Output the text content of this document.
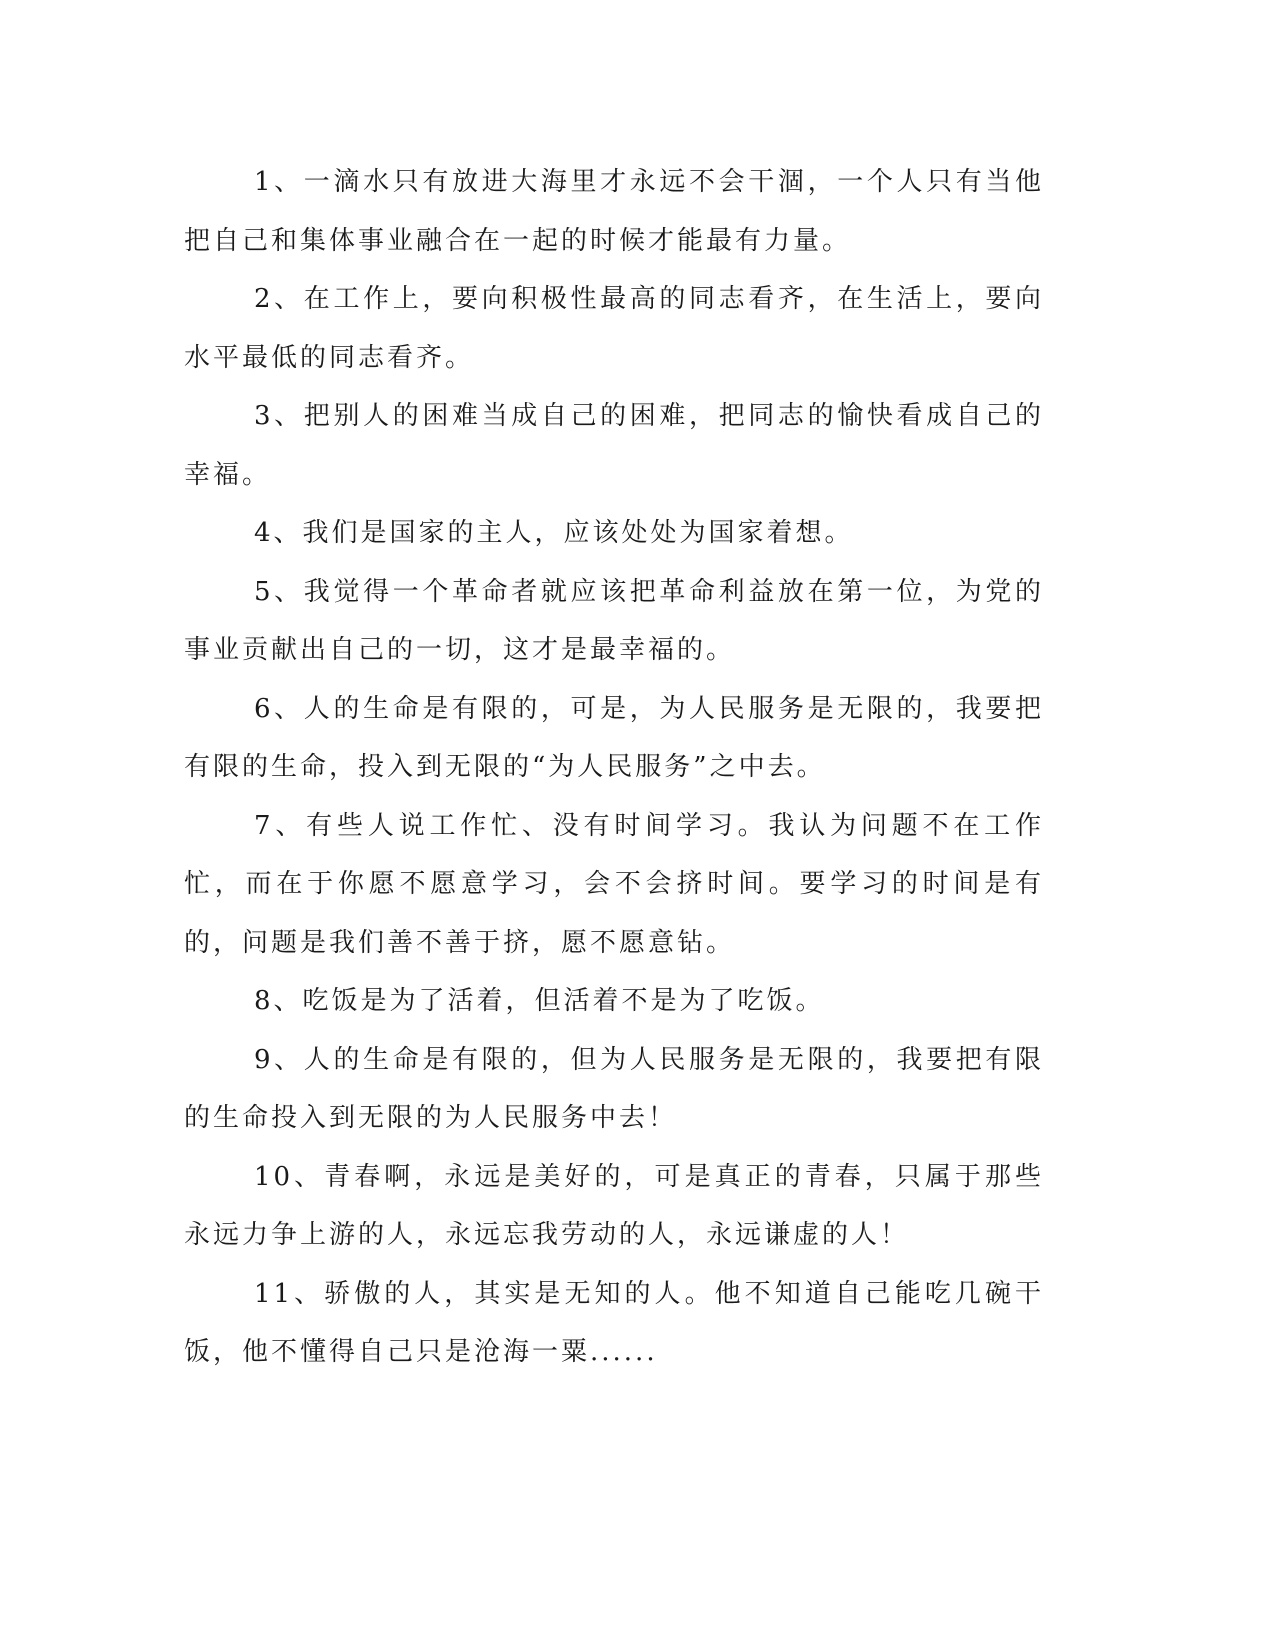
1、一滴水只有放进大海里才永远不会干涸，一个人只有当他把自己和集体事业融合在一起的时候才能最有力量。

2、在工作上，要向积极性最高的同志看齐，在生活上，要向水平最低的同志看齐。

3、把别人的困难当成自己的困难，把同志的愉快看成自己的幸福。

4、我们是国家的主人，应该处处为国家着想。

5、我觉得一个革命者就应该把革命利益放在第一位，为党的事业贡献出自己的一切，这才是最幸福的。

6、人的生命是有限的，可是，为人民服务是无限的，我要把有限的生命，投入到无限的“为人民服务”之中去。

7、有些人说工作忙、没有时间学习。我认为问题不在工作忙，而在于你愿不愿意学习，会不会挤时间。要学习的时间是有的，问题是我们善不善于挤，愿不愿意钻。

8、吃饭是为了活着，但活着不是为了吃饭。

9、人的生命是有限的，但为人民服务是无限的，我要把有限的生命投入到无限的为人民服务中去！

10、青春啊，永远是美好的，可是真正的青春，只属于那些永远力争上游的人，永远忘我劳动的人，永远谦虚的人！

11、骄傲的人，其实是无知的人。他不知道自己能吃几碗干饭，他不懂得自己只是沧海一粟......
